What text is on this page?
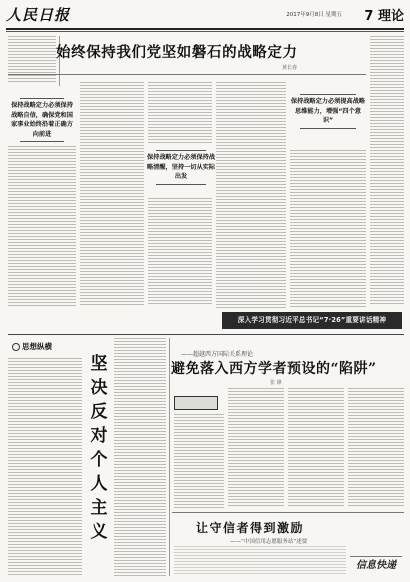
人民日报	2017年9月8日 星期五 7 理论
始终保持我们党坚如磐石的战略定力
黄长春
保持战略定力必须保持战略自信，确保党和国家事业始终沿着正确方向前进
保持战略定力必须保持战略清醒，坚持一切从实际出发
保持战略定力必须提高战略思维能力，增强“四个意识”
深入学习贯彻习近平总书记“7·26”重要讲话精神
思想纵横
坚决反对个人主义
——超越西方国际关系理论
避免落入西方学者预设的“陷阱”
张 锋
让守信者得到激励
——“中国信用志愿服务站”述要
信息快递
